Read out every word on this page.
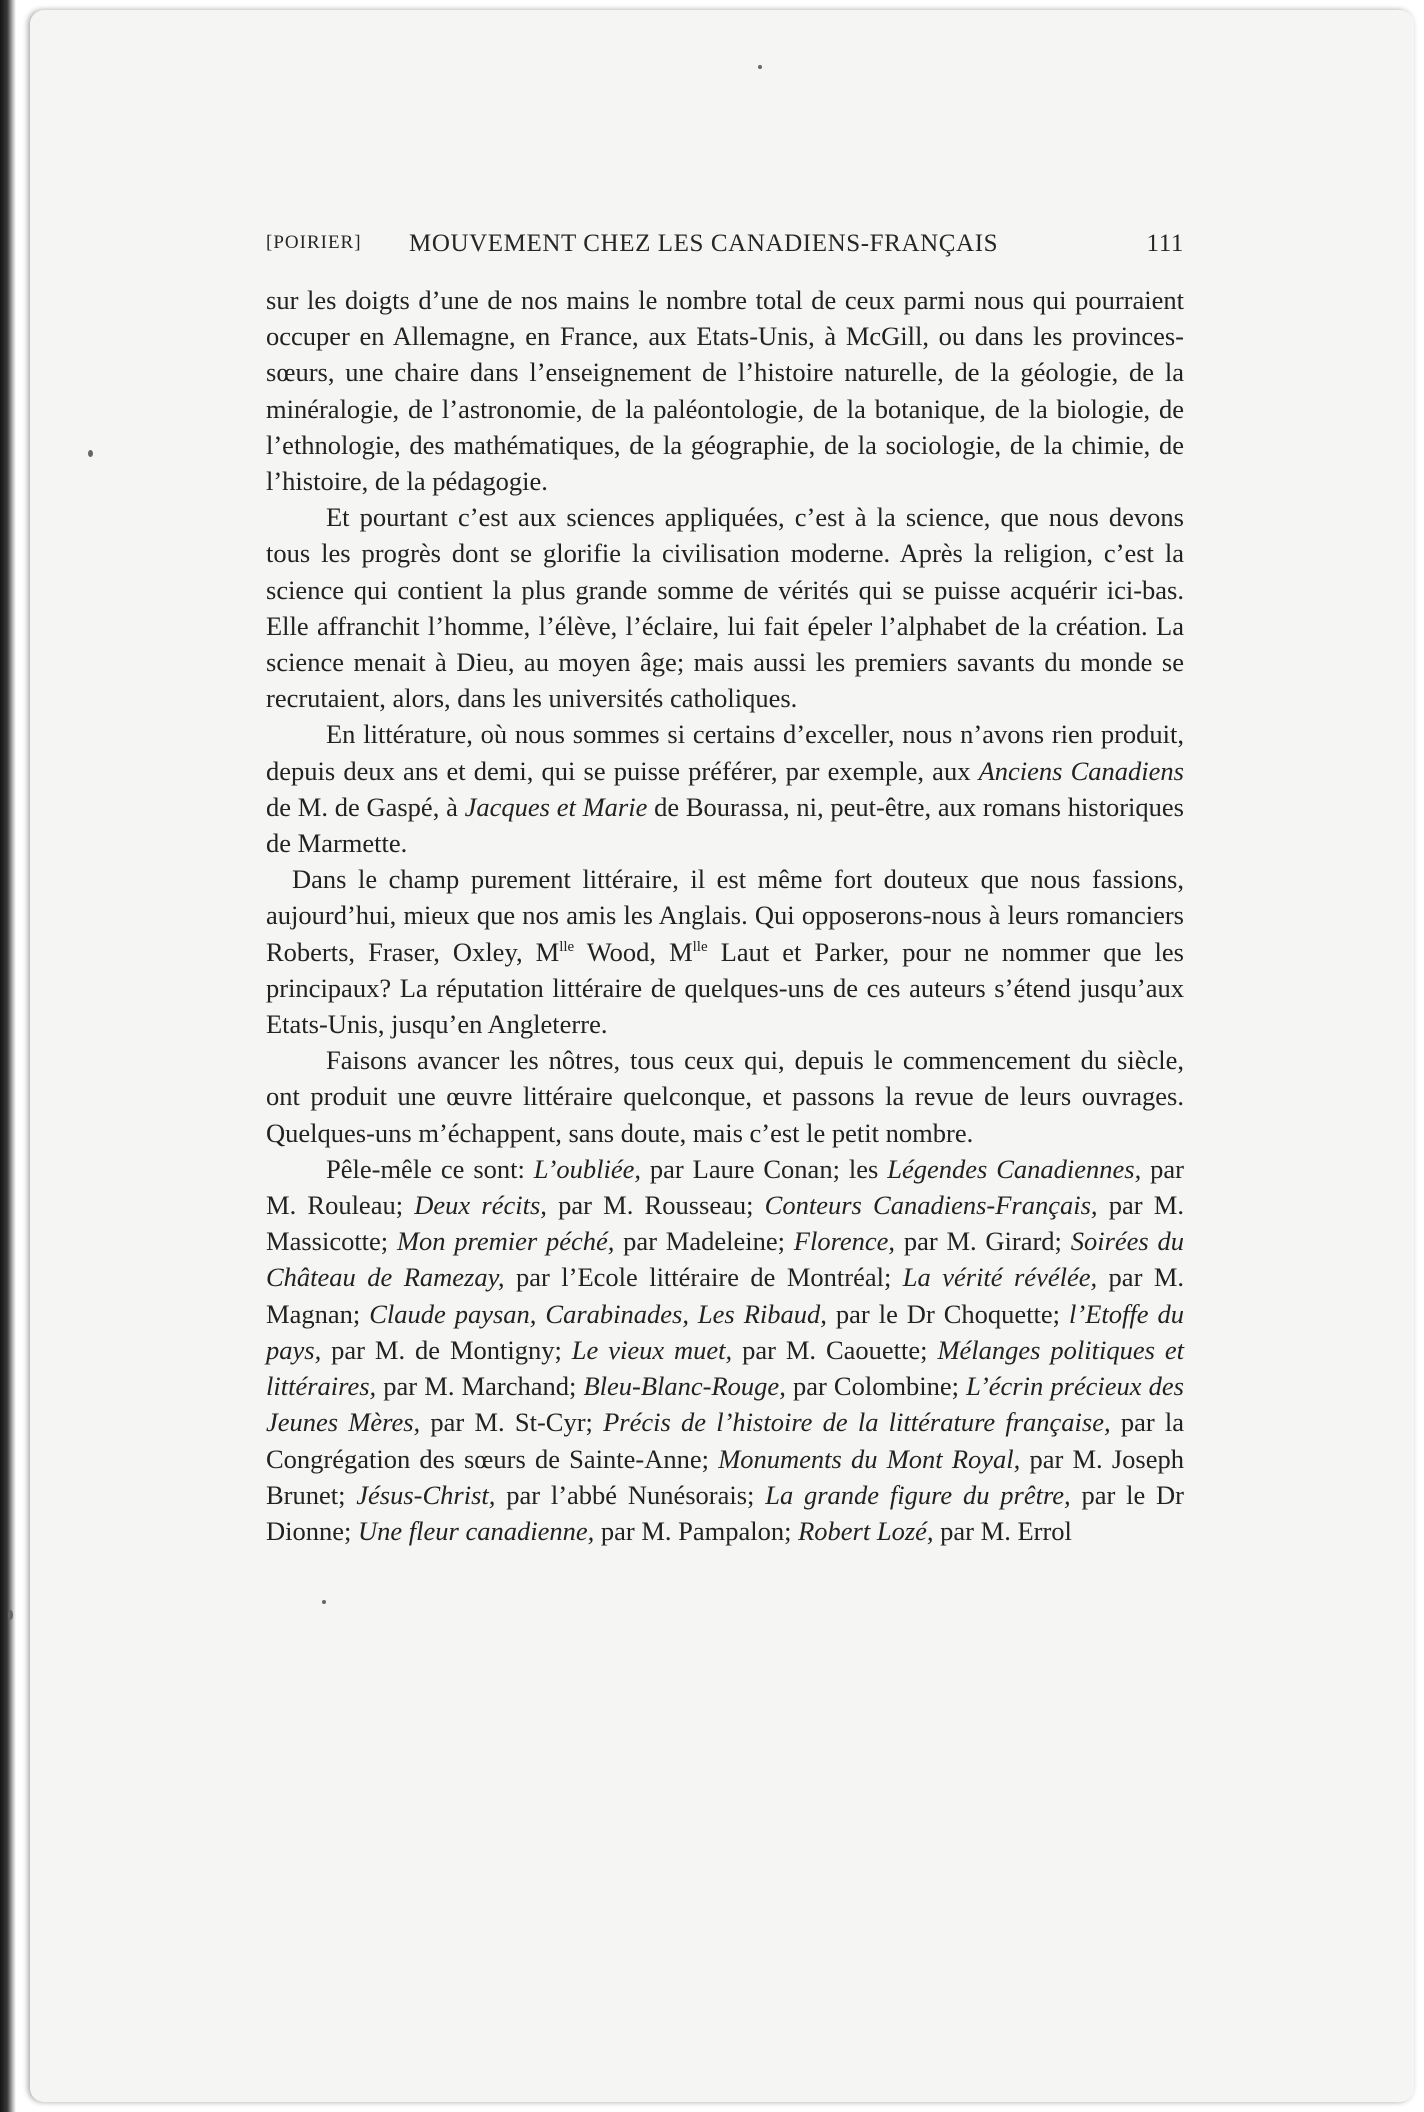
[POIRIER] MOUVEMENT CHEZ LES CANADIENS-FRANÇAIS	111

sur les doigts d’une de nos mains le nombre total de ceux parmi nous qui pourraient occuper en Allemagne, en France, aux Etats-Unis, à McGill, ou dans les provinces-sœurs, une chaire dans l’enseignement de l’histoire naturelle, de la géologie, de la minéralogie, de l’astronomie, de la paléontologie, de la botanique, de la biologie, de l’ethnologie, des mathématiques, de la géographie, de la sociologie, de la chimie, de l’histoire, de la pédagogie.

Et pourtant c’est aux sciences appliquées, c’est à la science, que nous devons tous les progrès dont se glorifie la civilisation moderne. Après la religion, c’est la science qui contient la plus grande somme de vérités qui se puisse acquérir ici-bas. Elle affranchit l’homme, l’élève, l’éclaire, lui fait épeler l’alphabet de la création. La science menait à Dieu, au moyen âge; mais aussi les premiers savants du monde se recrutaient, alors, dans les universités catholiques.

En littérature, où nous sommes si certains d’exceller, nous n’avons rien produit, depuis deux ans et demi, qui se puisse préférer, par exemple, aux Anciens Canadiens de M. de Gaspé, à Jacques et Marie de Bourassa, ni, peut-être, aux romans historiques de Marmette.

Dans le champ purement littéraire, il est même fort douteux que nous fassions, aujourd’hui, mieux que nos amis les Anglais. Qui opposerons-nous à leurs romanciers Roberts, Fraser, Oxley, $M^{lle}$ Wood, $M^{lle}$ Laut et Parker, pour ne nommer que les principaux? La réputation littéraire de quelques-uns de ces auteurs s’étend jusqu’aux Etats-Unis, jusqu’en Angleterre.

Faisons avancer les nôtres, tous ceux qui, depuis le commencement du siècle, ont produit une œuvre littéraire quelconque, et passons la revue de leurs ouvrages. Quelques-uns m’échappent, sans doute, mais c’est le petit nombre.

Pêle-mêle ce sont: L’oubliée, par Laure Conan; les Légendes Canadiennes, par M. Rouleau; Deux récits, par M. Rousseau; Conteurs Canadiens-Français, par M. Massicotte; Mon premier péché, par Madeleine; Florence, par M. Girard; Soirées du Château de Ramezay, par l’Ecole littéraire de Montréal; La vérité révélée, par M. Magnan; Claude paysan, Carabinades, Les Ribaud, par le Dr Choquette; l’Etoffe du pays, par M. de Montigny; Le vieux muet, par M. Caouette; Mélanges politiques et littéraires, par M. Marchand; Bleu-Blanc-Rouge, par Colombine; L’écrin précieux des Jeunes Mères, par M. St-Cyr; Précis de l’histoire de la littérature française, par la Congrégation des sœurs de Sainte-Anne; Monuments du Mont Royal, par M. Joseph Brunet; Jésus-Christ, par l’abbé Nunésorais; La grande figure du prêtre, par le Dr Dionne; Une fleur canadienne, par M. Pampalon; Robert Lozé, par M. Errol
